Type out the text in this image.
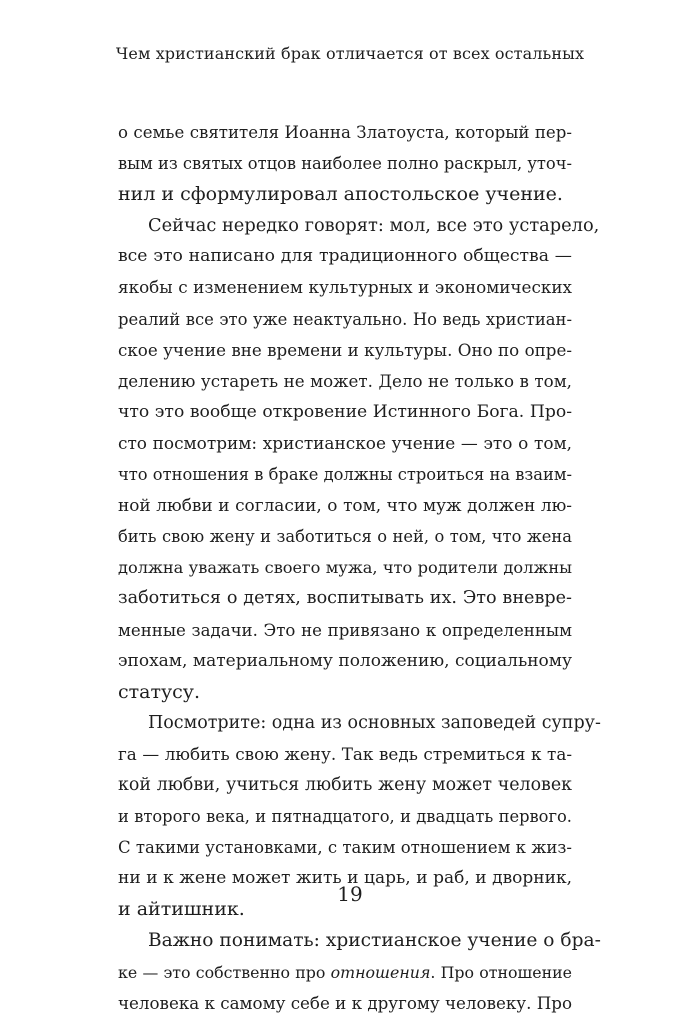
Чем христианский брак отличается от всех остальных
о семье святителя Иоанна Златоуста, который пер-
вым из святых отцов наиболее полно раскрыл, уточ-
нил и сформулировал апостольское учение.
Сейчас нередко говорят: мол, все это устарело,
все это написано для традиционного общества —
якобы с изменением культурных и экономических
реалий все это уже неактуально. Но ведь христиан-
ское учение вне времени и культуры. Оно по опре-
делению устареть не может. Дело не только в том,
что это вообще откровение Истинного Бога. Про-
сто посмотрим: христианское учение — это о том,
что отношения в браке должны строиться на взаим-
ной любви и согласии, о том, что муж должен лю-
бить свою жену и заботиться о ней, о том, что жена
должна уважать своего мужа, что родители должны
заботиться о детях, воспитывать их. Это вневре-
менные задачи. Это не привязано к определенным
эпохам, материальному положению, социальному
статусу.
Посмотрите: одна из основных заповедей супру-
га — любить свою жену. Так ведь стремиться к та-
кой любви, учиться любить жену может человек
и второго века, и пятнадцатого, и двадцать первого.
С такими установками, с таким отношением к жиз-
ни и к жене может жить и царь, и раб, и дворник,
и айтишник.
Важно понимать: христианское учение о бра-
ке — это собственно про отношения. Про отношение
человека к самому себе и к другому человеку. Про
19
